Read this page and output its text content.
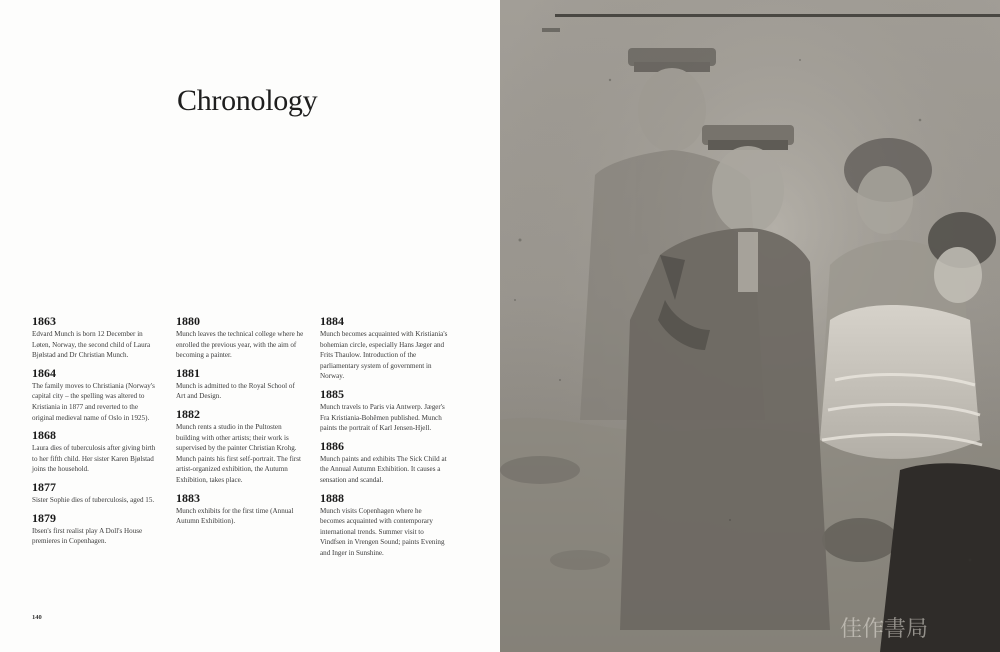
Chronology

1863

Edvard Munch is born 12 December in Løten, Norway, the second child of Laura Bjølstad and Dr Christian Munch.

1864

The family moves to Christiania (Norway's capital city – the spelling was altered to Kristiania in 1877 and reverted to the original medieval name of Oslo in 1925).

1868

Laura dies of tuberculosis after giving birth to her fifth child. Her sister Karen Bjølstad joins the household.

1877

Sister Sophie dies of tuberculosis, aged 15.

1879

Ibsen's first realist play A Doll's House premieres in Copenhagen.

1880

Munch leaves the technical college where he enrolled the previous year, with the aim of becoming a painter.

1881

Munch is admitted to the Royal School of Art and Design.

1882

Munch rents a studio in the Pultosten building with other artists; their work is supervised by the painter Christian Krohg. Munch paints his first self-portrait. The first artist-organized exhibition, the Autumn Exhibition, takes place.

1883

Munch exhibits for the first time (Annual Autumn Exhibition).

1884

Munch becomes acquainted with Kristiania's bohemian circle, especially Hans Jæger and Frits Thaulow. Introduction of the parliamentary system of government in Norway.

1885

Munch travels to Paris via Antwerp. Jæger's Fra Kristiania-Bohêmen published. Munch paints the portrait of Karl Jensen-Hjell.

1886

Munch paints and exhibits The Sick Child at the Annual Autumn Exhibition. It causes a sensation and scandal.

1888

Munch visits Copenhagen where he becomes acquainted with contemporary international trends. Summer visit to Vindfsen in Vrengen Sound; paints Evening and Inger in Sunshine.

140	佳作書局
